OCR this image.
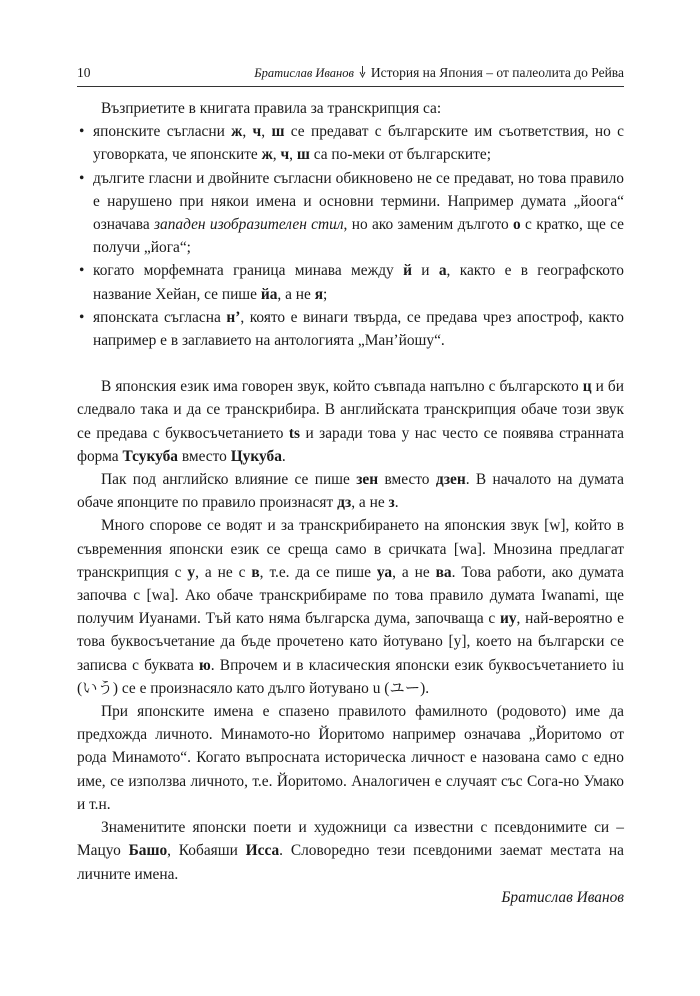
10	Братислав Иванов История на Япония – от палеолита до Рейва

Възприетите в книгата правила за транскрипция са:

• японските съгласни ж, ч, ш се предават с българските им съответствия, но с уговорката, че японските ж, ч, ш са по-меки от българските;
• дългите гласни и двойните съгласни обикновено не се предават, но това правило е нарушено при някои имена и основни термини. Например думата „йоога“ означава западен изобразителен стил, но ако заменим дългото о с кратко, ще се получи „йога“;
• когато морфемната граница минава между й и а, както е в географското название Хейан, се пише йа, а не я;
• японската съгласна н’, която е винаги твърда, се предава чрез апостроф, както например е в заглавието на антологията „Ман’йошу“.

В японския език има говорен звук, който съвпада напълно с българското ц и би следвало така и да се транскрибира. В английската транскрипция обаче този звук се предава с буквосъчетанието ts и заради това у нас често се появява странната форма Тсукуба вместо Цукуба.

Пак под английско влияние се пише зен вместо дзен. В началото на думата обаче японците по правило произнасят дз, а не з.

Много спорове се водят и за транскрибирането на японския звук [w], който в съвременния японски език се среща само в сричката [wa]. Мнозина предлагат транскрипция с у, а не с в, т.е. да се пише уа, а не ва. Това работи, ако думата започва с [wa]. Ако обаче транскрибираме по това правило думата Iwanami, ще получим Иуанами. Тъй като няма българска дума, започваща с иу, най-вероятно е това буквосъчетание да бъде прочетено като йотувано [у], което на български се записва с буквата ю. Впрочем и в класическия японски език буквосъчетанието iu (いう) се е произнасяло като дълго йотувано u (ユー).

При японските имена е спазено правилото фамилното (родовото) име да предхожда личното. Минамото-но Йоритомо например означава „Йоритомо от рода Минамото“. Когато въпросната историческа личност е назована само с едно име, се използва личното, т.е. Йоритомо. Аналогичен е случаят със Сога-но Умако и т.н.

Знаменитите японски поети и художници са известни с псевдонимите си – Мацуо Башо, Кобаяши Исса. Словоредно тези псевдоними заемат местата на личните имена.

Братислав Иванов
